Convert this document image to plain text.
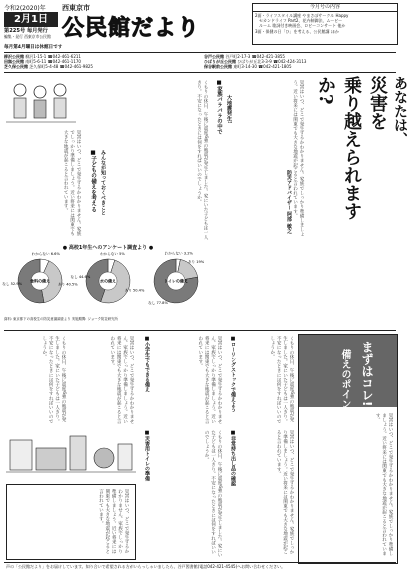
令和2(2020)年
2月1日
第225号 毎月発行
編集・発行 西東京市公民館
西東京市
公民館だより
毎月第4月曜日は休館日です
今月号の内容
2面・ライフスタイル講座 やまさぽサークル Happy
セカンドライフ Part2、花卉制御法、ムービー
ルーム 歌詞付き映画会、ロビーコンサート 他か
3面・保健の日「ひ」を考える、公民館講 ほか
柳沢公民館 柳沢1-15-1 ☎042-461-6211
田無公民館 南町5-6-11 ☎042-461-1170
芝久保公民館 芝久保町5-4-48 ☎042-461-9825
谷戸公民館 谷戸町2-17-3 ☎042-421-3855
ひばりが丘公民館 ひばりが丘北3-3-9 ☎042-424-3113
保谷駅前公民館 東町3-14-30 ☎042-421-1805
災害はいつ、どこで発生するかわかりません。家族でしっかり準備しましょう。近い将来には関東でも大きな地震が起こると言われています。	■子どもの備えを考える みんなが知っておくべきこと	くもりの休日、午後に震度6強の地震が発生しました。家にいた子どもは一人きり。不安になったときには何をすればいいのでしょうか。	■家族バラバラの中で 大地震発生!	災害はいつ、どこで発生するかわかりません。家族でしっかり準備しましょう。近い将来には関東でも大きな地震が起こると言われています。	あなたは、
災害を
乗り越えられますか?
防災アドバイザー 阿部 敏之
● 高校1年生へのアンケート調査より ●
わからない 6.6%
あり 40.5%
なし 52.9%
食料の備え
わからない 5%
あり 50.4%
なし 44.6%
水の備え
わからない 3.2%
あり 19%
なし 77.8%
トイレの備え
資料: 東京都下の高校生の防災意識調査より 実施期間: ジョーク防災研究所
くもりの休日、午後に震度6強の地震が発生しました。家にいた子どもは一人きり。不安になったときには何をすればいいのでしょうか。	災害はいつ、どこで発生するかわかりません。家族でしっかり準備しましょう。近い将来には関東でも大きな地震が起こると言われています。	■小学生でもできる備え	災害はいつ、どこで発生するかわかりません。家族でしっかり準備しましょう。近い将来には関東でも大きな地震が起こると言われています。	■ローリングストックで備えよう	くもりの休日、午後に震度6強の地震が発生しました。家にいた子どもは一人きり。不安になったときには何をすればいいのでしょうか。	まずはコレ!
備えのポイント
災害はいつ、どこで発生するかわかりません。家族でしっかり準備しましょう。近い将来には関東でも大きな地震が起こると言われています。
■災害用トイレの準備	くもりの休日、午後に震度6強の地震が発生しました。家にいた子どもは一人きり。不安になったときには何をすればいいのでしょうか。	■非常持ち出し品の確認	災害はいつ、どこで発生するかわかりません。家族でしっかり準備しましょう。近い将来には関東でも大きな地震が起こると言われています。
災害はいつ、どこで発生するかわかりません。家族でしっかり準備しましょう。近い将来には関東でも大きな地震が起こると言われています。
声の「公民館だより」をお届けしています。知り合いで希望される方がいらっしゃいましたら、谷戸図書館(電話042-421-4545)へお問い合わせください。
